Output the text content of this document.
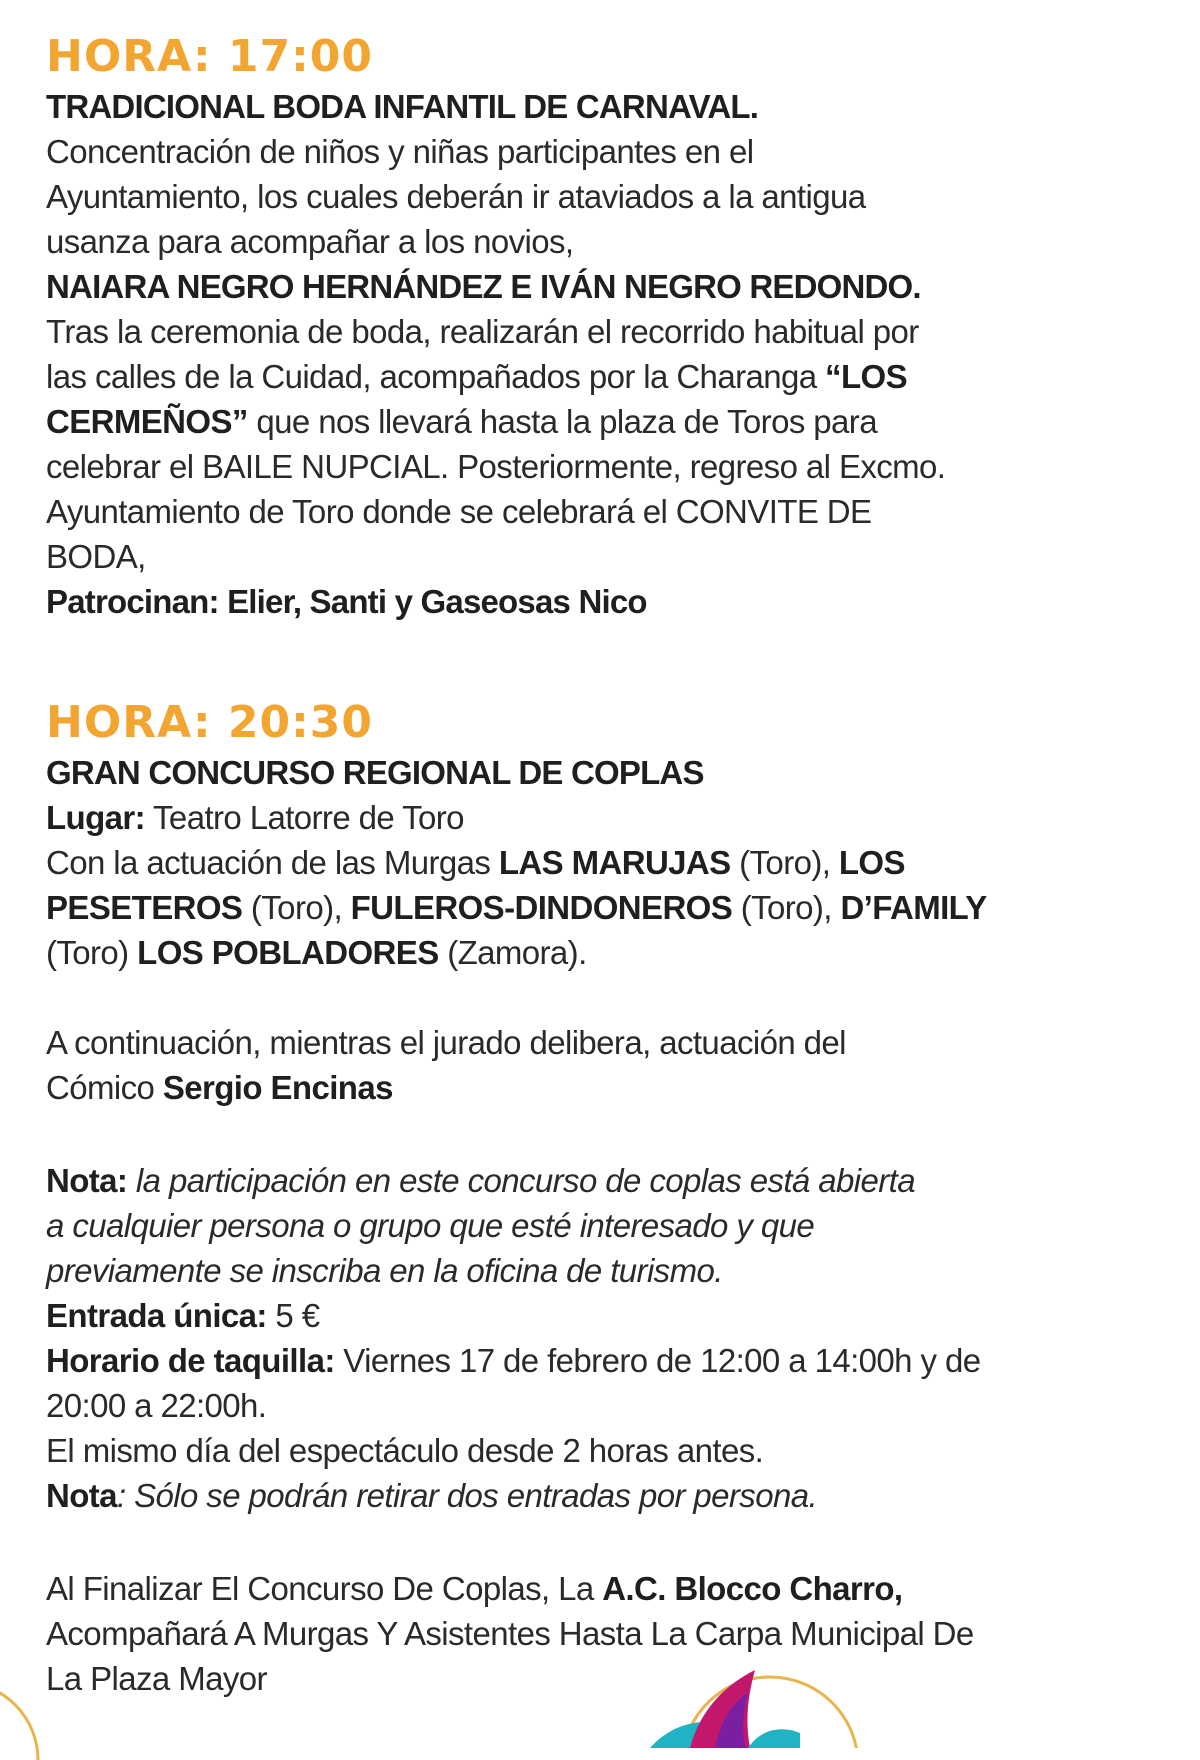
HORA: 17:00

TRADICIONAL BODA INFANTIL DE CARNAVAL.

Concentración de niños y niñas participantes en el

Ayuntamiento, los cuales deberán ir ataviados a la antigua

usanza para acompañar a los novios,

NAIARA NEGRO HERNÁNDEZ E IVÁN NEGRO REDONDO.

Tras la ceremonia de boda, realizarán el recorrido habitual por

las calles de la Cuidad, acompañados por la Charanga “LOS

CERMEÑOS” que nos llevará hasta la plaza de Toros para

celebrar el BAILE NUPCIAL. Posteriormente, regreso al Excmo.

Ayuntamiento de Toro donde se celebrará el CONVITE DE

BODA,

Patrocinan: Elier, Santi y Gaseosas Nico

HORA: 20:30

GRAN CONCURSO REGIONAL DE COPLAS

Lugar: Teatro Latorre de Toro

Con la actuación de las Murgas LAS MARUJAS (Toro), LOS

PESETEROS (Toro), FULEROS-DINDONEROS (Toro), D’FAMILY

(Toro) LOS POBLADORES (Zamora).

A continuación, mientras el jurado delibera, actuación del

Cómico Sergio Encinas

Nota: la participación en este concurso de coplas está abierta

a cualquier persona o grupo que esté interesado y que

previamente se inscriba en la oficina de turismo.

Entrada única: 5 €

Horario de taquilla: Viernes 17 de febrero de 12:00 a 14:00h y de

20:00 a 22:00h.

El mismo día del espectáculo desde 2 horas antes.

Nota: Sólo se podrán retirar dos entradas por persona.

Al Finalizar El Concurso De Coplas, La A.C. Blocco Charro,

Acompañará A Murgas Y Asistentes Hasta La Carpa Municipal De

La Plaza Mayor
